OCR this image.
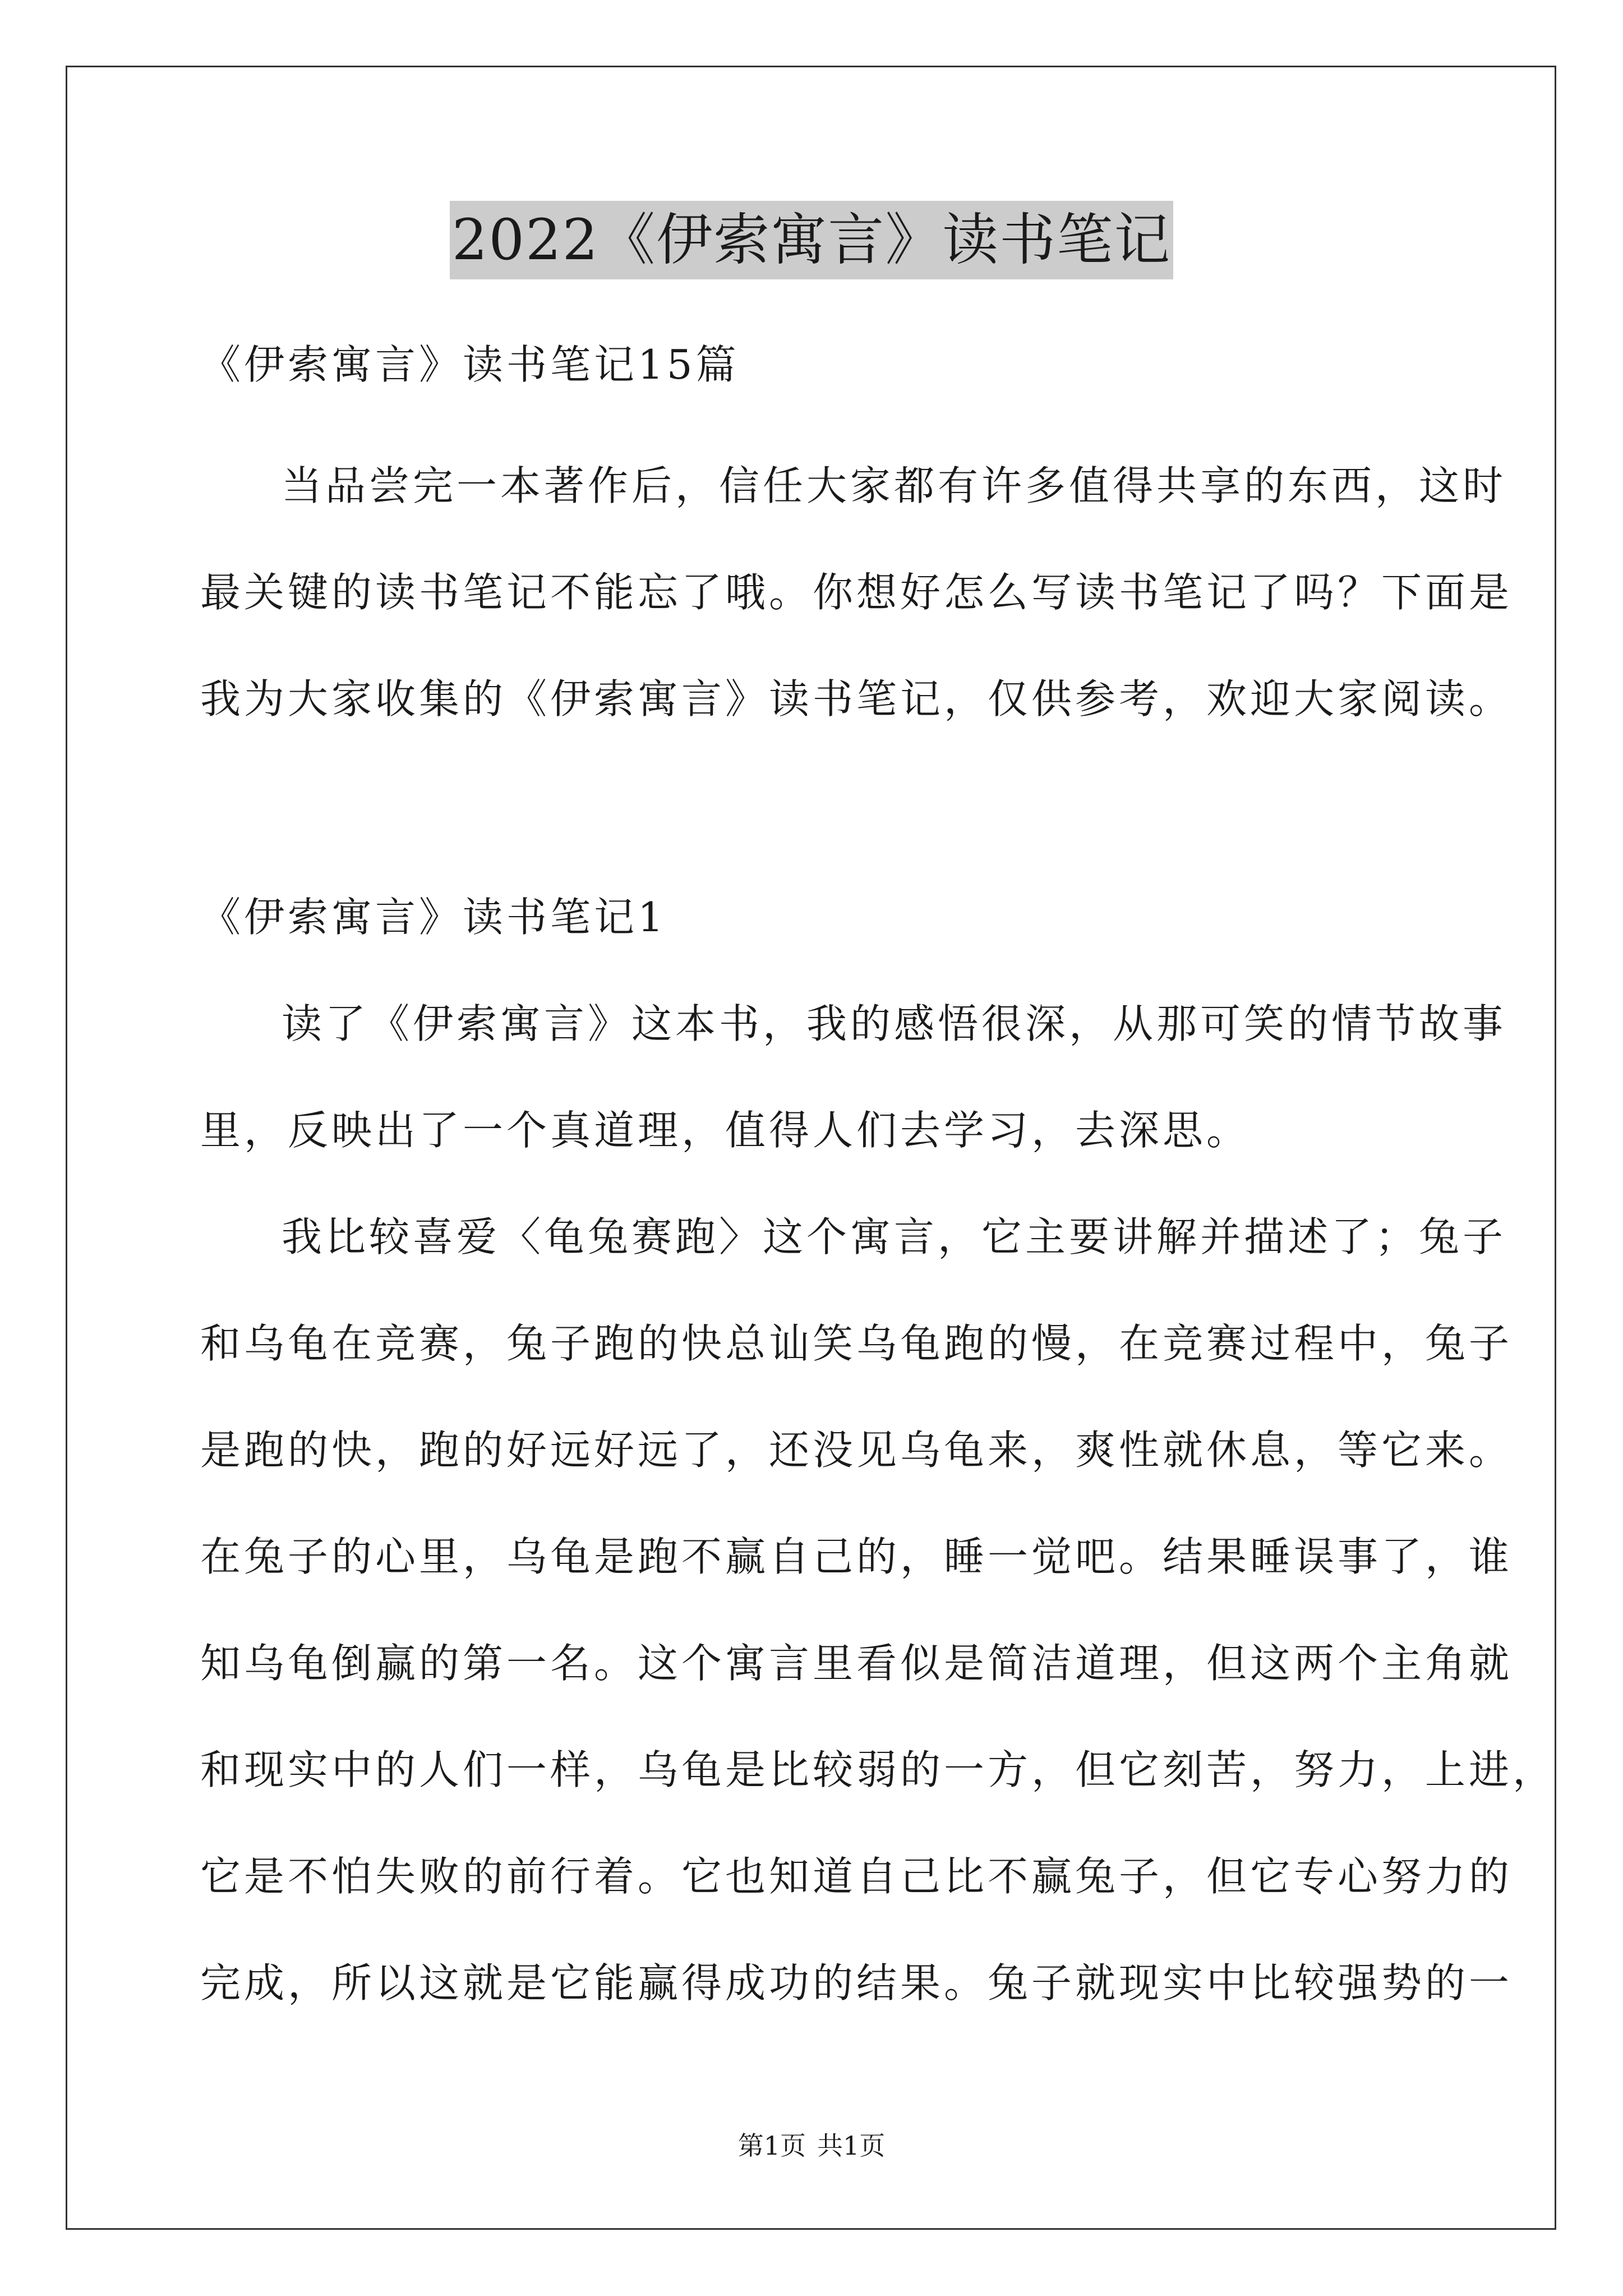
2022《伊索寓言》读书笔记
《伊索寓言》读书笔记15篇
当品尝完一本著作后，信任大家都有许多值得共享的东西，这时
最关键的读书笔记不能忘了哦。你想好怎么写读书笔记了吗？下面是
我为大家收集的《伊索寓言》读书笔记，仅供参考，欢迎大家阅读。
《伊索寓言》读书笔记1
读了《伊索寓言》这本书，我的感悟很深，从那可笑的情节故事
里，反映出了一个真道理，值得人们去学习，去深思。
我比较喜爱〈龟兔赛跑〉这个寓言，它主要讲解并描述了；兔子
和乌龟在竞赛，兔子跑的快总讪笑乌龟跑的慢，在竞赛过程中，兔子
是跑的快，跑的好远好远了，还没见乌龟来，爽性就休息，等它来。
在兔子的心里，乌龟是跑不赢自己的，睡一觉吧。结果睡误事了，谁
知乌龟倒赢的第一名。这个寓言里看似是简洁道理，但这两个主角就
和现实中的人们一样，乌龟是比较弱的一方，但它刻苦，努力，上进，
它是不怕失败的前行着。它也知道自己比不赢兔子，但它专心努力的
完成，所以这就是它能赢得成功的结果。兔子就现实中比较强势的一
第1页 共1页
